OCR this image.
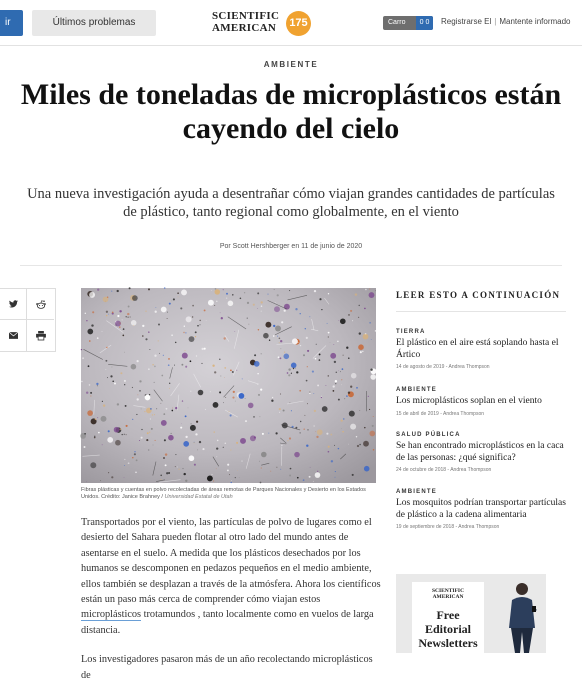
ir	Últimos problemas
SCIENTIFIC
AMERICAN	175	Carro	0 0	Registrarse El | Mantente informado
AMBIENTE
Miles de toneladas de microplásticos están cayendo del cielo

Una nueva investigación ayuda a desentrañar cómo viajan grandes cantidades de partículas de plástico, tanto regional como globalmente, en el viento

Por Scott Hershberger en 11 de junio de 2020
Fibras plásticas y cuentas en polvo recolectadas de áreas remotas de Parques Nacionales y Desierto en los Estados Unidos. Crédito: Janice Brahney / Universidad Estatal de Utah

Transportados por el viento, las partículas de polvo de lugares como el desierto del Sahara pueden flotar al otro lado del mundo antes de asentarse en el suelo. A medida que los plásticos desechados por los humanos se descomponen en pedazos pequeños en el medio ambiente, ellos también se desplazan a través de la atmósfera. Ahora los científicos están un paso más cerca de comprender cómo viajan estos microplásticos trotamundos , tanto localmente como en vuelos de larga distancia.

Los investigadores pasaron más de un año recolectando microplásticos de

LEER ESTO A CONTINUACIÓN
TIERRA
El plástico en el aire está soplando hasta el Ártico
14 de agosto de 2019 - Andrea Thompson
AMBIENTE
Los microplásticos soplan en el viento
15 de abril de 2019 - Andrea Thompson
SALUD PÚBLICA
Se han encontrado microplásticos en la caca de las personas: ¿qué significa?
24 de octubre de 2018 - Andrea Thompson
AMBIENTE
Los mosquitos podrían transportar partículas de plástico a la cadena alimentaria
19 de septiembre de 2018 - Andrea Thompson
SCIENTIFIC
AMERICAN
Free
Editorial
Newsletters
